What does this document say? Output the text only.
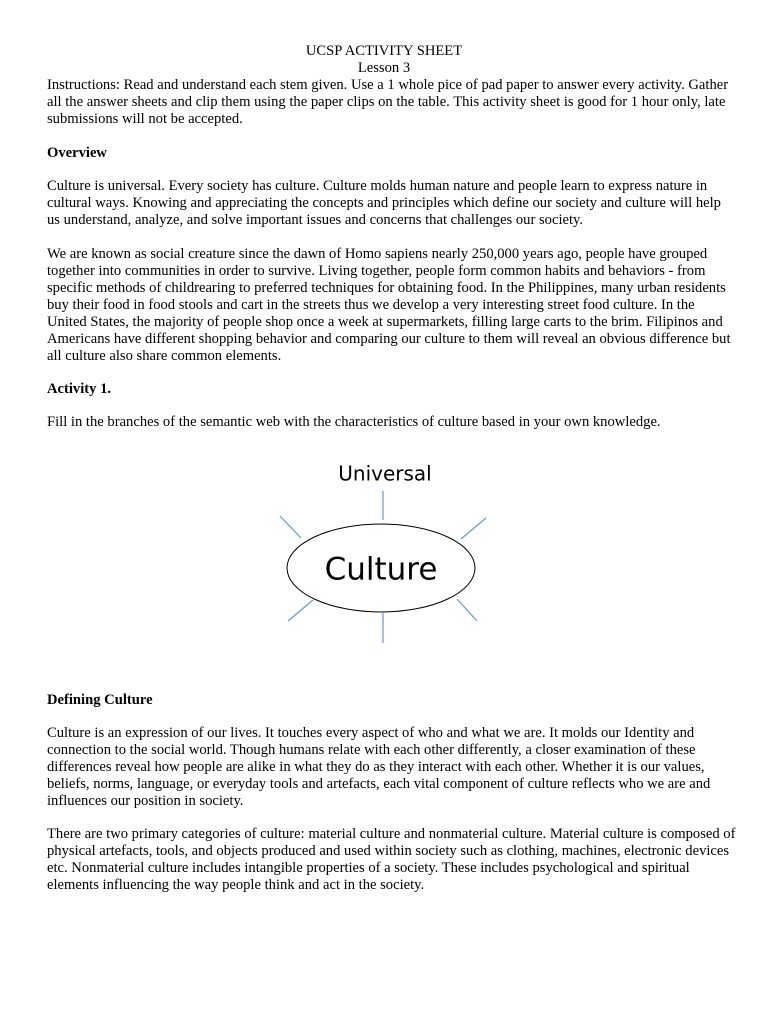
UCSP ACTIVITY SHEET

Lesson 3

Instructions: Read and understand each stem given. Use a 1 whole pice of pad paper to answer every activity. Gather all the answer sheets and clip them using the paper clips on the table. This activity sheet is good for 1 hour only, late submissions will not be accepted.

Overview

Culture is universal. Every society has culture. Culture molds human nature and people learn to express nature in cultural ways. Knowing and appreciating the concepts and principles which define our society and culture will help us understand, analyze, and solve important issues and concerns that challenges our society.

We are known as social creature since the dawn of Homo sapiens nearly 250,000 years ago, people have grouped together into communities in order to survive. Living together, people form common habits and behaviors - from specific methods of childrearing to preferred techniques for obtaining food. In the Philippines, many urban residents buy their food in food stools and cart in the streets thus we develop a very interesting street food culture. In the United States, the majority of people shop once a week at supermarkets, filling large carts to the brim. Filipinos and Americans have different shopping behavior and comparing our culture to them will reveal an obvious difference but all culture also share common elements.

Activity 1.

Fill in the branches of the semantic web with the characteristics of culture based in your own knowledge.

Culture
Universal

Defining Culture

Culture is an expression of our lives. It touches every aspect of who and what we are. It molds our Identity and connection to the social world. Though humans relate with each other differently, a closer examination of these differences reveal how people are alike in what they do as they interact with each other. Whether it is our values, beliefs, norms, language, or everyday tools and artefacts, each vital component of culture reflects who we are and influences our position in society.

There are two primary categories of culture: material culture and nonmaterial culture. Material culture is composed of physical artefacts, tools, and objects produced and used within society such as clothing, machines, electronic devices etc. Nonmaterial culture includes intangible properties of a society. These includes psychological and spiritual elements influencing the way people think and act in the society.
